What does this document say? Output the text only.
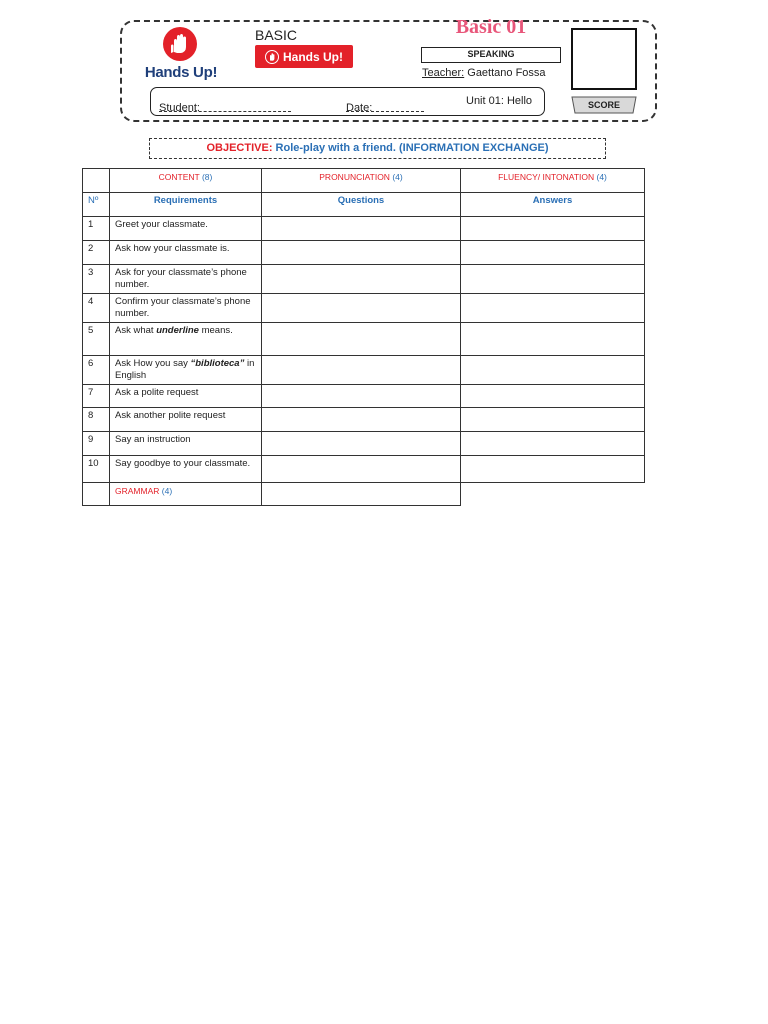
Hands Up!
BASIC
Hands Up!
Basic 01
SPEAKING
Teacher: Gaettano Fossa
SCORE
Student:	Date:
Unit 01: Hello
OBJECTIVE: Role-play with a friend. (INFORMATION EXCHANGE)
	CONTENT (8)	PRONUNCIATION (4)	FLUENCY/ INTONATION (4)
Nº	Requirements	Questions	Answers
1	Greet your classmate.		
2	Ask how your classmate is.		
3	Ask for your classmate’s phone number.		
4	Confirm your classmate’s phone number.		
5	Ask what underline means.		
6	Ask How you say “biblioteca” in English		
7	Ask a polite request		
8	Ask another polite request		
9	Say an instruction		
10	Say goodbye to your classmate.		
	GRAMMAR (4)		
